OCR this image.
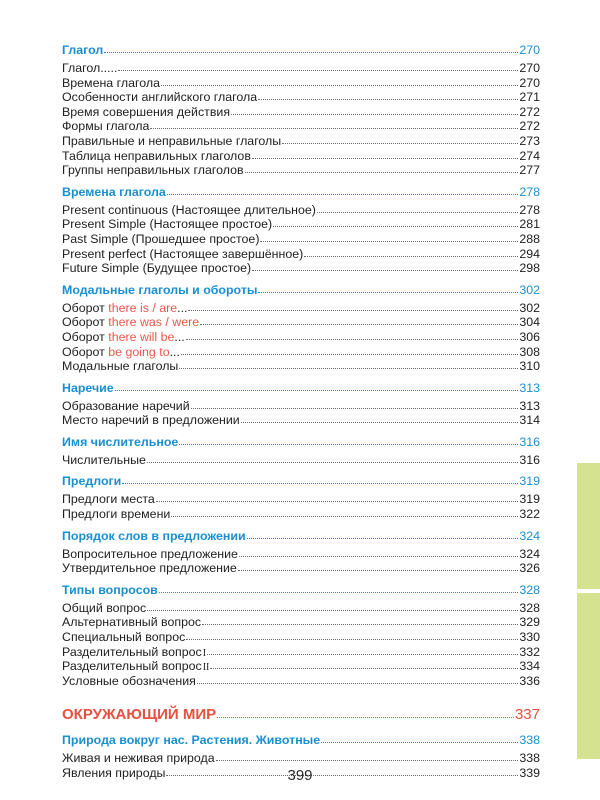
Глагол	270
Глагол.....	270
Времена глагола	270
Особенности английского глагола	271
Время совершения действия	272
Формы глагола	272
Правильные и неправильные глаголы	273
Таблица неправильных глаголов	274
Группы неправильных глаголов	277
Времена глагола	278
Present continuous (Настоящее длительное)	278
Present Simple (Настоящее простое)	281
Past Simple (Прошедшее простое)	288
Present perfect (Настоящее завершённое)	294
Future Simple (Будущее простое)	298
Модальные глаголы и обороты	302
Оборот there is / are...	302
Оборот there was / were	304
Оборот there will be...	306
Оборот be going to...	308
Модальные глаголы	310
Наречие	313
Образование наречий	313
Место наречий в предложении	314
Имя числительное	316
Числительные	316
Предлоги	319
Предлоги места	319
Предлоги времени	322
Порядок слов в предложении	324
Вопросительное предложение	324
Утвердительное предложение	326
Типы вопросов	328
Общий вопрос	328
Альтернативный вопрос	329
Специальный вопрос	330
Разделительный вопросI	332
Разделительный вопросII	334
Условные обозначения	336
ОКРУЖАЮЩИЙ МИР	337
Природа вокруг нас. Растения. Животные	338
Живая и неживая природа	338
Явления природы	339
399
